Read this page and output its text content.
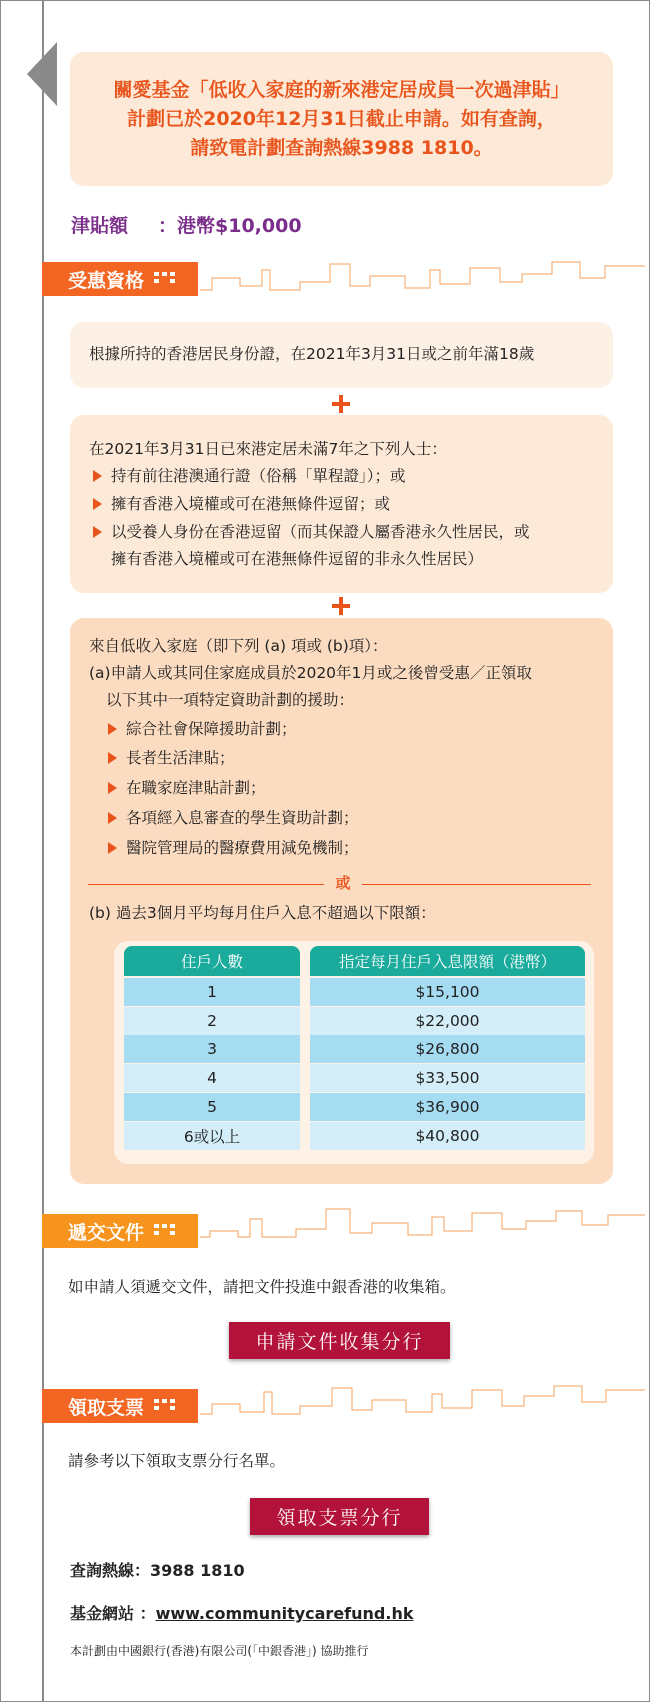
關愛基金「低收入家庭的新來港定居成員一次過津貼」
計劃已於2020年12月31日截止申請。如有查詢，
請致電計劃查詢熱線3988 1810。
津貼額 ：港幣$10,000
受惠資格
根據所持的香港居民身份證，在2021年3月31日或之前年滿18歲
在2021年3月31日已來港定居未滿7年之下列人士：
持有前往港澳通行證（俗稱「單程證」）；或
擁有香港入境權或可在港無條件逗留；或
以受養人身份在香港逗留（而其保證人屬香港永久性居民，或
擁有香港入境權或可在港無條件逗留的非永久性居民）
來自低收入家庭（即下列 (a) 項或 (b)項）：
(a)申請人或其同住家庭成員於2020年1月或之後曾受惠／正領取
以下其中一項特定資助計劃的援助：
綜合社會保障援助計劃；
長者生活津貼；
在職家庭津貼計劃；
各項經入息審查的學生資助計劃；
醫院管理局的醫療費用減免機制；
(b) 過去3個月平均每月住戶入息不超過以下限額：
或
住戶人數	指定每月住戶入息限額（港幣）
1	$15,100
2	$22,000
3	$26,800
4	$33,500
5	$36,900
6或以上	$40,800
遞交文件
如申請人須遞交文件，請把文件投進中銀香港的收集箱。
申請文件收集分行
領取支票
請參考以下領取支票分行名單。
領取支票分行
查詢熱線：3988 1810
基金網站 ：www.communitycarefund.hk
本計劃由中國銀行(香港)有限公司(「中銀香港」) 協助推行
